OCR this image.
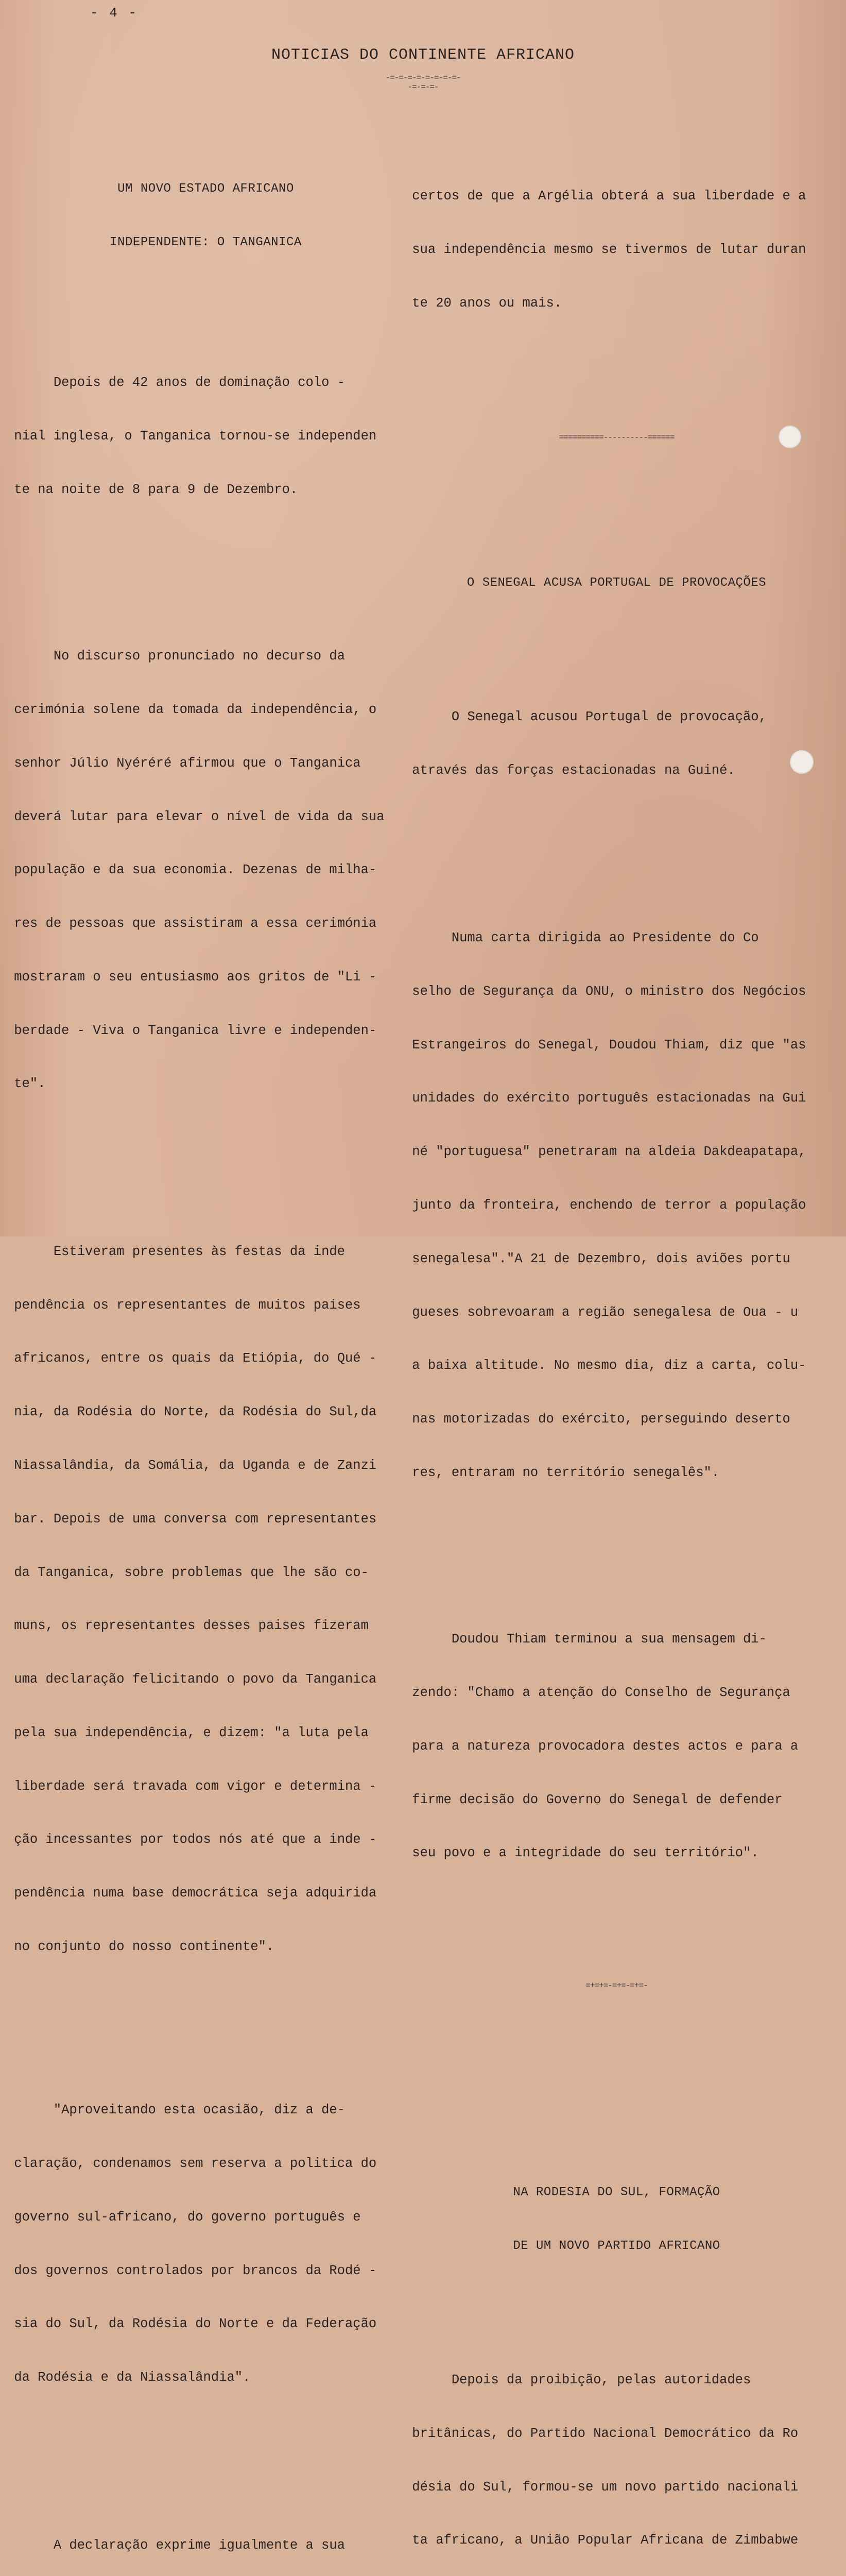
- 4 -
NOTICIAS DO CONTINENTE AFRICANO
-=-=-=-=-=-=-=-=-
-=-=-=-

UM NOVO ESTADO AFRICANO

INDEPENDENTE: O TANGANICA

Depois de 42 anos de dominação colo -

nial inglesa, o Tanganica tornou-se independen

te na noite de 8 para 9 de Dezembro.

No discurso pronunciado no decurso da

cerimónia solene da tomada da independência, o

senhor Júlio Nyéréré afirmou que o Tanganica

deverá lutar para elevar o nível de vida da sua

população e da sua economia. Dezenas de milha-

res de pessoas que assistiram a essa cerimónia

mostraram o seu entusiasmo aos gritos de "Li -

berdade - Viva o Tanganica livre e independen-

te".

Estiveram presentes às festas da inde

pendência os representantes de muitos paises

africanos, entre os quais da Etiópia, do Qué -

nia, da Rodésia do Norte, da Rodésia do Sul,da

Niassalândia, da Somália, da Uganda e de Zanzi

bar. Depois de uma conversa com representantes

da Tanganica, sobre problemas que lhe são co-

muns, os representantes desses paises fizeram

uma declaração felicitando o povo da Tanganica

pela sua independência, e dizem: "a luta pela

liberdade será travada com vigor e determina -

ção incessantes por todos nós até que a inde -

pendência numa base democrática seja adquirida

no conjunto do nosso continente".

"Aproveitando esta ocasião, diz a de-

claração, condenamos sem reserva a politica do

governo sul-africano, do governo português e

dos governos controlados por brancos da Rodé -

sia do Sul, da Rodésia do Norte e da Federação

da Rodésia e da Niassalândia".

A declaração exprime igualmente a sua

certos de que a Argélia obterá a sua liberdade e a

sua independência mesmo se tivermos de lutar duran

te 20 anos ou mais.

==========----------======

O SENEGAL ACUSA PORTUGAL DE PROVOCAÇÕES

O Senegal acusou Portugal de provocação,

através das forças estacionadas na Guiné.

Numa carta dirigida ao Presidente do Co

selho de Segurança da ONU, o ministro dos Negócios

Estrangeiros do Senegal, Doudou Thiam, diz que "as

unidades do exército português estacionadas na Gui

né "portuguesa" penetraram na aldeia Dakdeapatapa,

junto da fronteira, enchendo de terror a população

senegalesa"."A 21 de Dezembro, dois aviões portu

gueses sobrevoaram a região senegalesa de Oua - u

a baixa altitude. No mesmo dia, diz a carta, colu-

nas motorizadas do exército, perseguindo deserto

res, entraram no território senegalês".

Doudou Thiam terminou a sua mensagem di-

zendo: "Chamo a atenção do Conselho de Segurança

para a natureza provocadora destes actos e para a

firme decisão do Governo do Senegal de defender

seu povo e a integridade do seu território".

=+=+=-=+=-=+=-

NA RODESIA DO SUL, FORMAÇÃO

DE UM NOVO PARTIDO AFRICANO

Depois da proibição, pelas autoridades

britânicas, do Partido Nacional Democrático da Ro

désia do Sul, formou-se um novo partido nacionali

ta africano, a União Popular Africana de Zimbabwe
